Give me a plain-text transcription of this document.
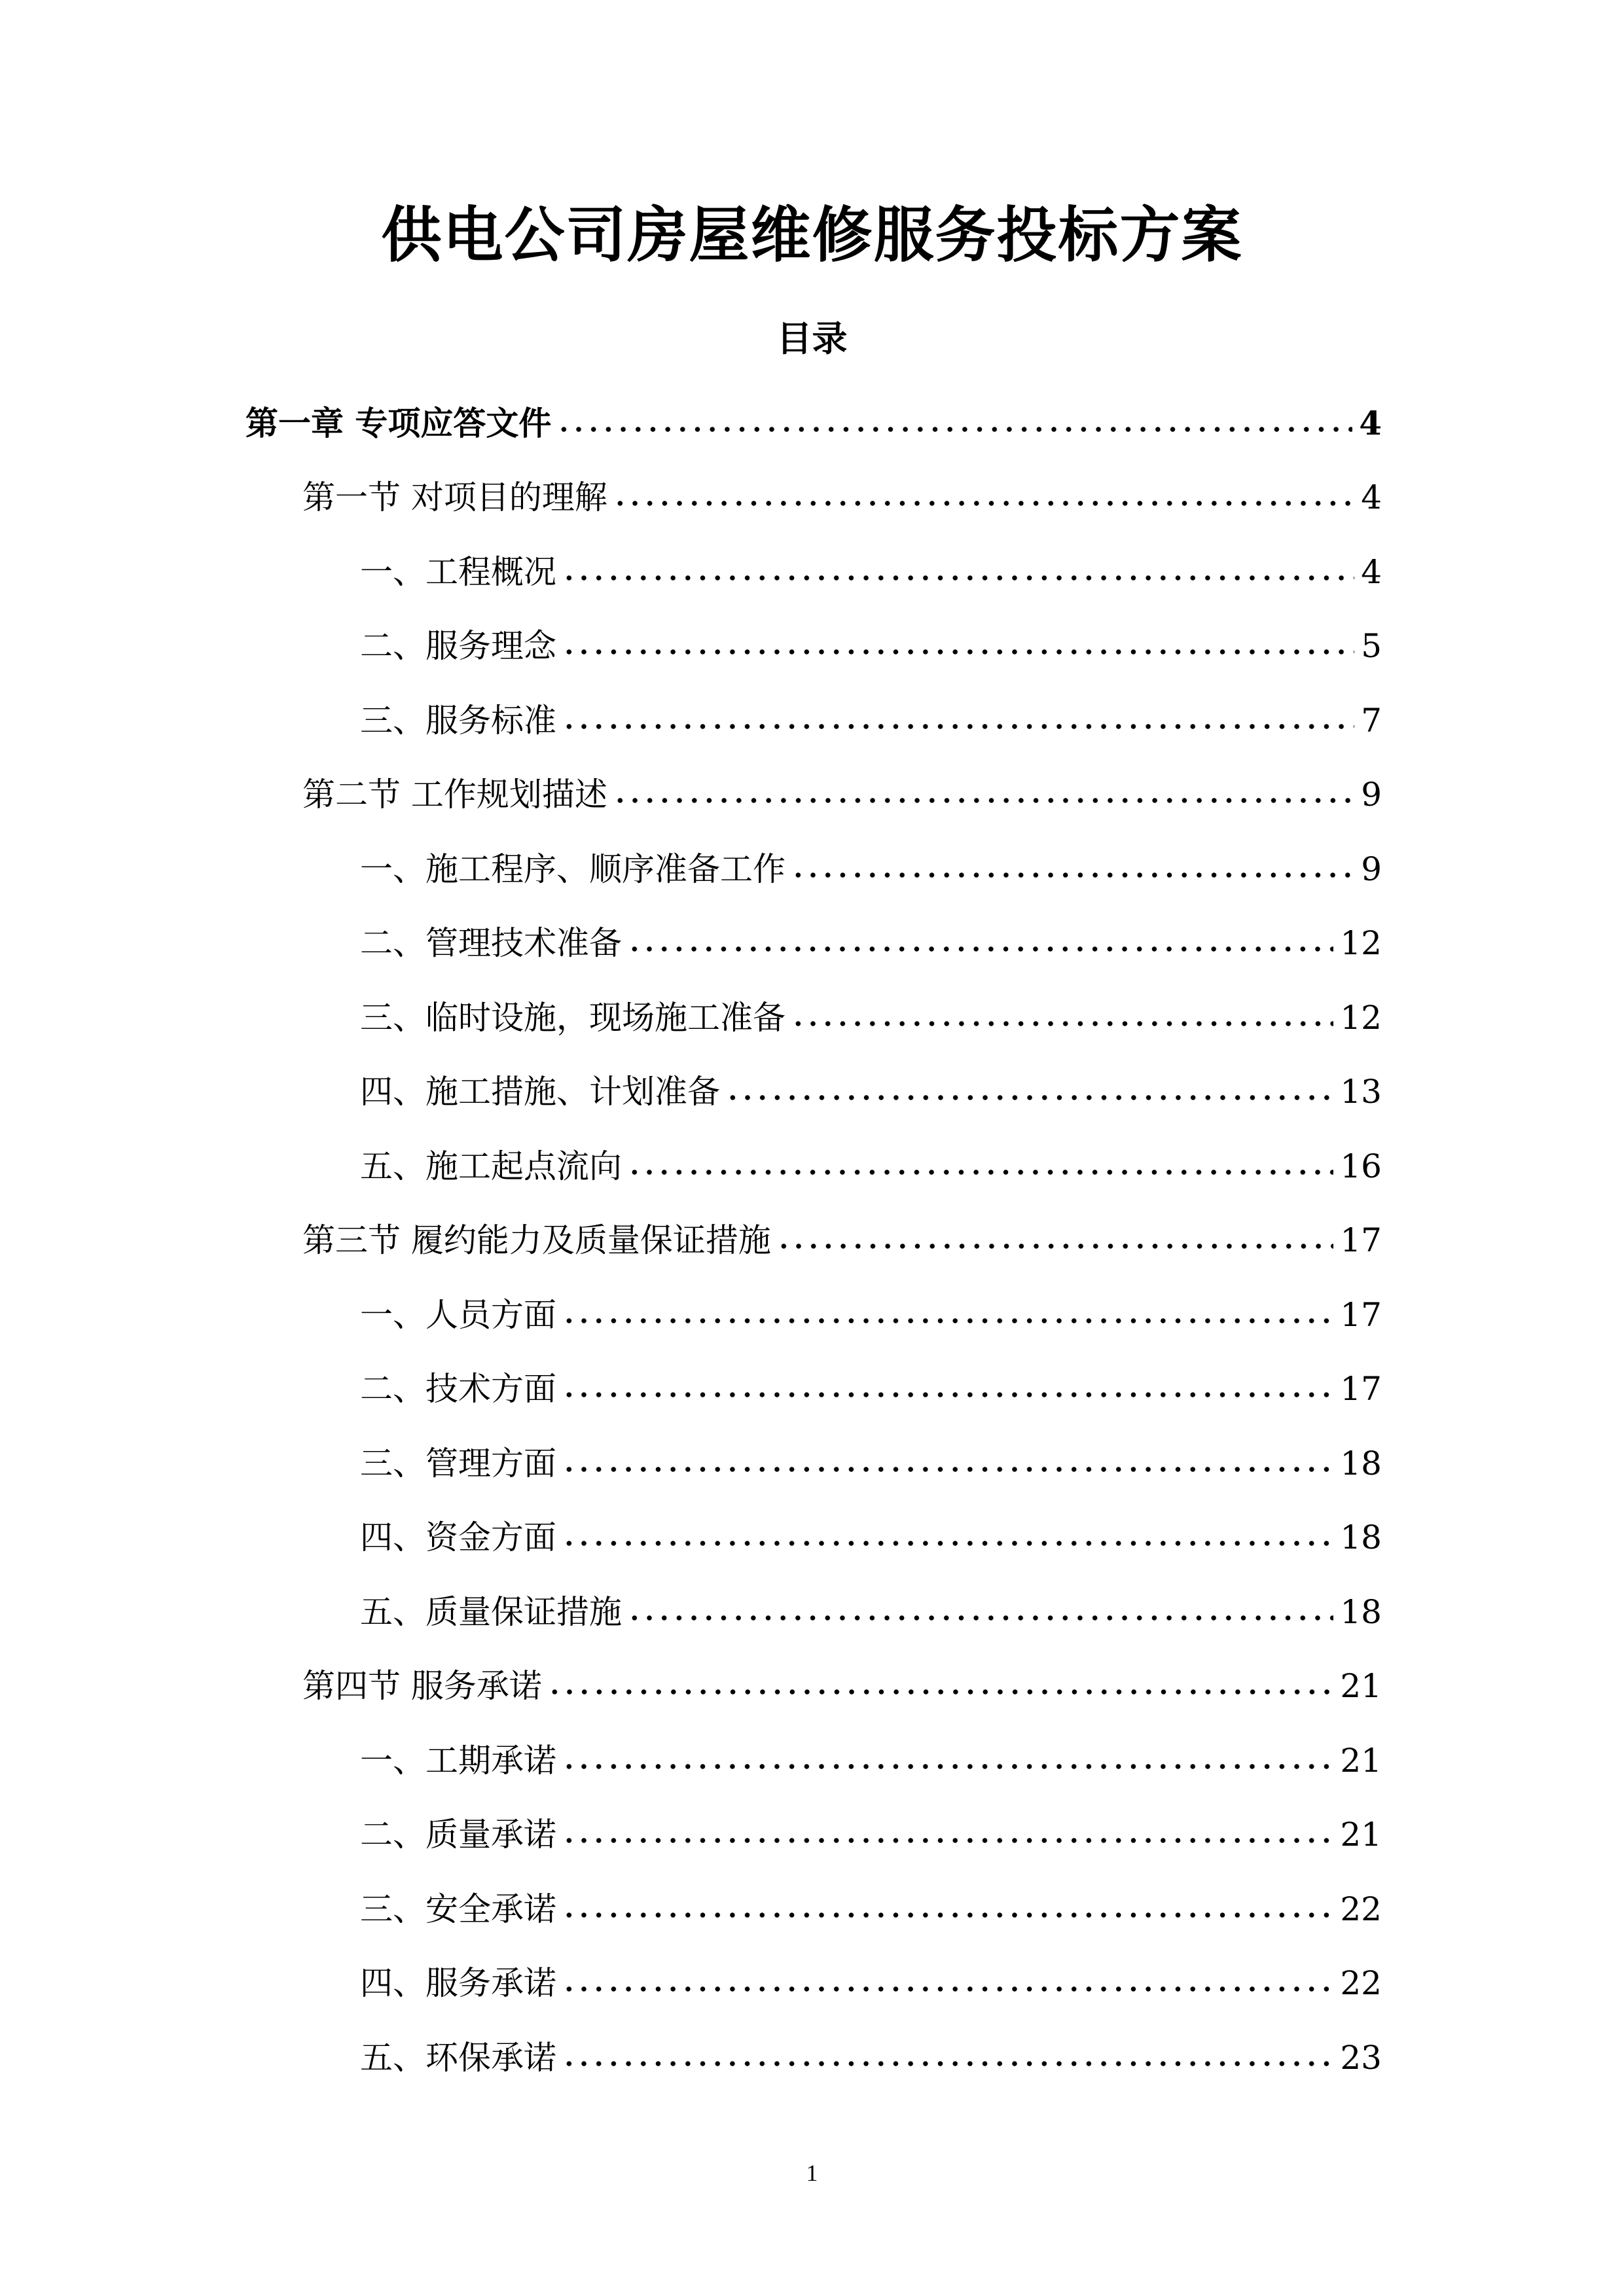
供电公司房屋维修服务投标方案
目录
第一章 专项应答文件	4
第一节 对项目的理解	4
一、工程概况	4
二、服务理念	5
三、服务标准	7
第二节 工作规划描述	9
一、施工程序、顺序准备工作	9
二、管理技术准备	12
三、临时设施，现场施工准备	12
四、施工措施、计划准备	13
五、施工起点流向	16
第三节 履约能力及质量保证措施	17
一、人员方面	17
二、技术方面	17
三、管理方面	18
四、资金方面	18
五、质量保证措施	18
第四节 服务承诺	21
一、工期承诺	21
二、质量承诺	21
三、安全承诺	22
四、服务承诺	22
五、环保承诺	23
1
